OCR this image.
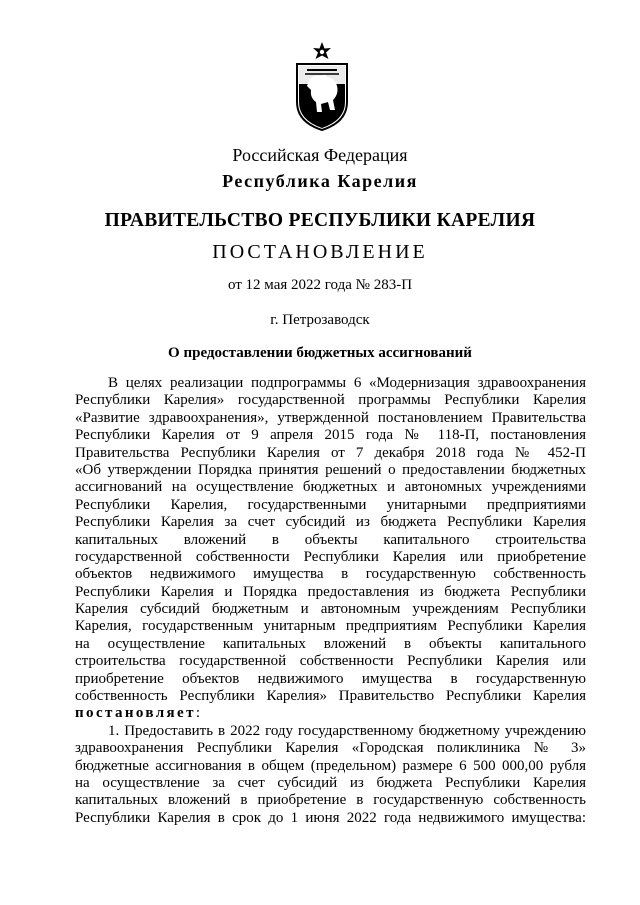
Российская Федерация
Республика Карелия
ПРАВИТЕЛЬСТВО РЕСПУБЛИКИ КАРЕЛИЯ
ПОСТАНОВЛЕНИЕ
от 12 мая 2022 года № 283-П
г. Петрозаводск
О предоставлении бюджетных ассигнований
В целях реализации подпрограммы 6 «Модернизация здравоохранения
Республики Карелия» государственной программы Республики Карелия
«Развитие здравоохранения», утвержденной постановлением Правительства
Республики Карелия от 9 апреля 2015 года № 118-П, постановления
Правительства Республики Карелия от 7 декабря 2018 года № 452-П
«Об утверждении Порядка принятия решений о предоставлении бюджетных
ассигнований на осуществление бюджетных и автономных учреждениями
Республики Карелия, государственными унитарными предприятиями
Республики Карелия за счет субсидий из бюджета Республики Карелия
капитальных вложений в объекты капитального строительства
государственной собственности Республики Карелия или приобретение
объектов недвижимого имущества в государственную собственность
Республики Карелия и Порядка предоставления из бюджета Республики
Карелия субсидий бюджетным и автономным учреждениям Республики
Карелия, государственным унитарным предприятиям Республики Карелия
на осуществление капитальных вложений в объекты капитального
строительства государственной собственности Республики Карелия или
приобретение объектов недвижимого имущества в государственную
собственность Республики Карелия» Правительство Республики Карелия
постановляет:
1. Предоставить в 2022 году государственному бюджетному учреждению
здравоохранения Республики Карелия «Городская поликлиника № 3»
бюджетные ассигнования в общем (предельном) размере 6 500 000,00 рубля
на осуществление за счет субсидий из бюджета Республики Карелия
капитальных вложений в приобретение в государственную собственность
Республики Карелия в срок до 1 июня 2022 года недвижимого имущества:
